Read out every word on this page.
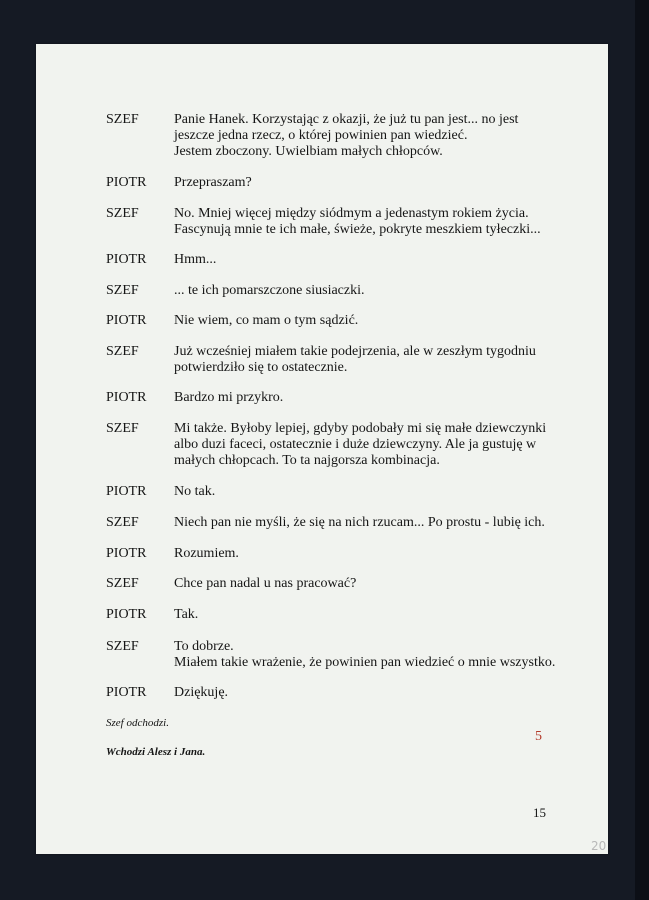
SZEF	Panie Hanek. Korzystając z okazji, że już tu pan jest... no jest
jeszcze jedna rzecz, o której powinien pan wiedzieć.
Jestem zboczony. Uwielbiam małych chłopców.
PIOTR Przepraszam?
SZEF	No. Mniej więcej między siódmym a jedenastym rokiem życia.
Fascynują mnie te ich małe, świeże, pokryte meszkiem tyłeczki...
PIOTR Hmm...
SZEF	... te ich pomarszczone siusiaczki.
PIOTR Nie wiem, co mam o tym sądzić.
SZEF	Już wcześniej miałem takie podejrzenia, ale w zeszłym tygodniu
potwierdziło się to ostatecznie.
PIOTR Bardzo mi przykro.
SZEF	Mi także. Byłoby lepiej, gdyby podobały mi się małe dziewczynki
albo duzi faceci, ostatecznie i duże dziewczyny. Ale ja gustuję w
małych chłopcach. To ta najgorsza kombinacja.
PIOTR No tak.
SZEF	Niech pan nie myśli, że się na nich rzucam... Po prostu - lubię ich.
PIOTR Rozumiem.
SZEF	Chce pan nadal u nas pracować?
PIOTR Tak.
SZEF	To dobrze.
Miałem takie wrażenie, że powinien pan wiedzieć o mnie wszystko.
PIOTR Dziękuję.
Szef odchodzi.
Wchodzi Alesz i Jana.
5
15
20
